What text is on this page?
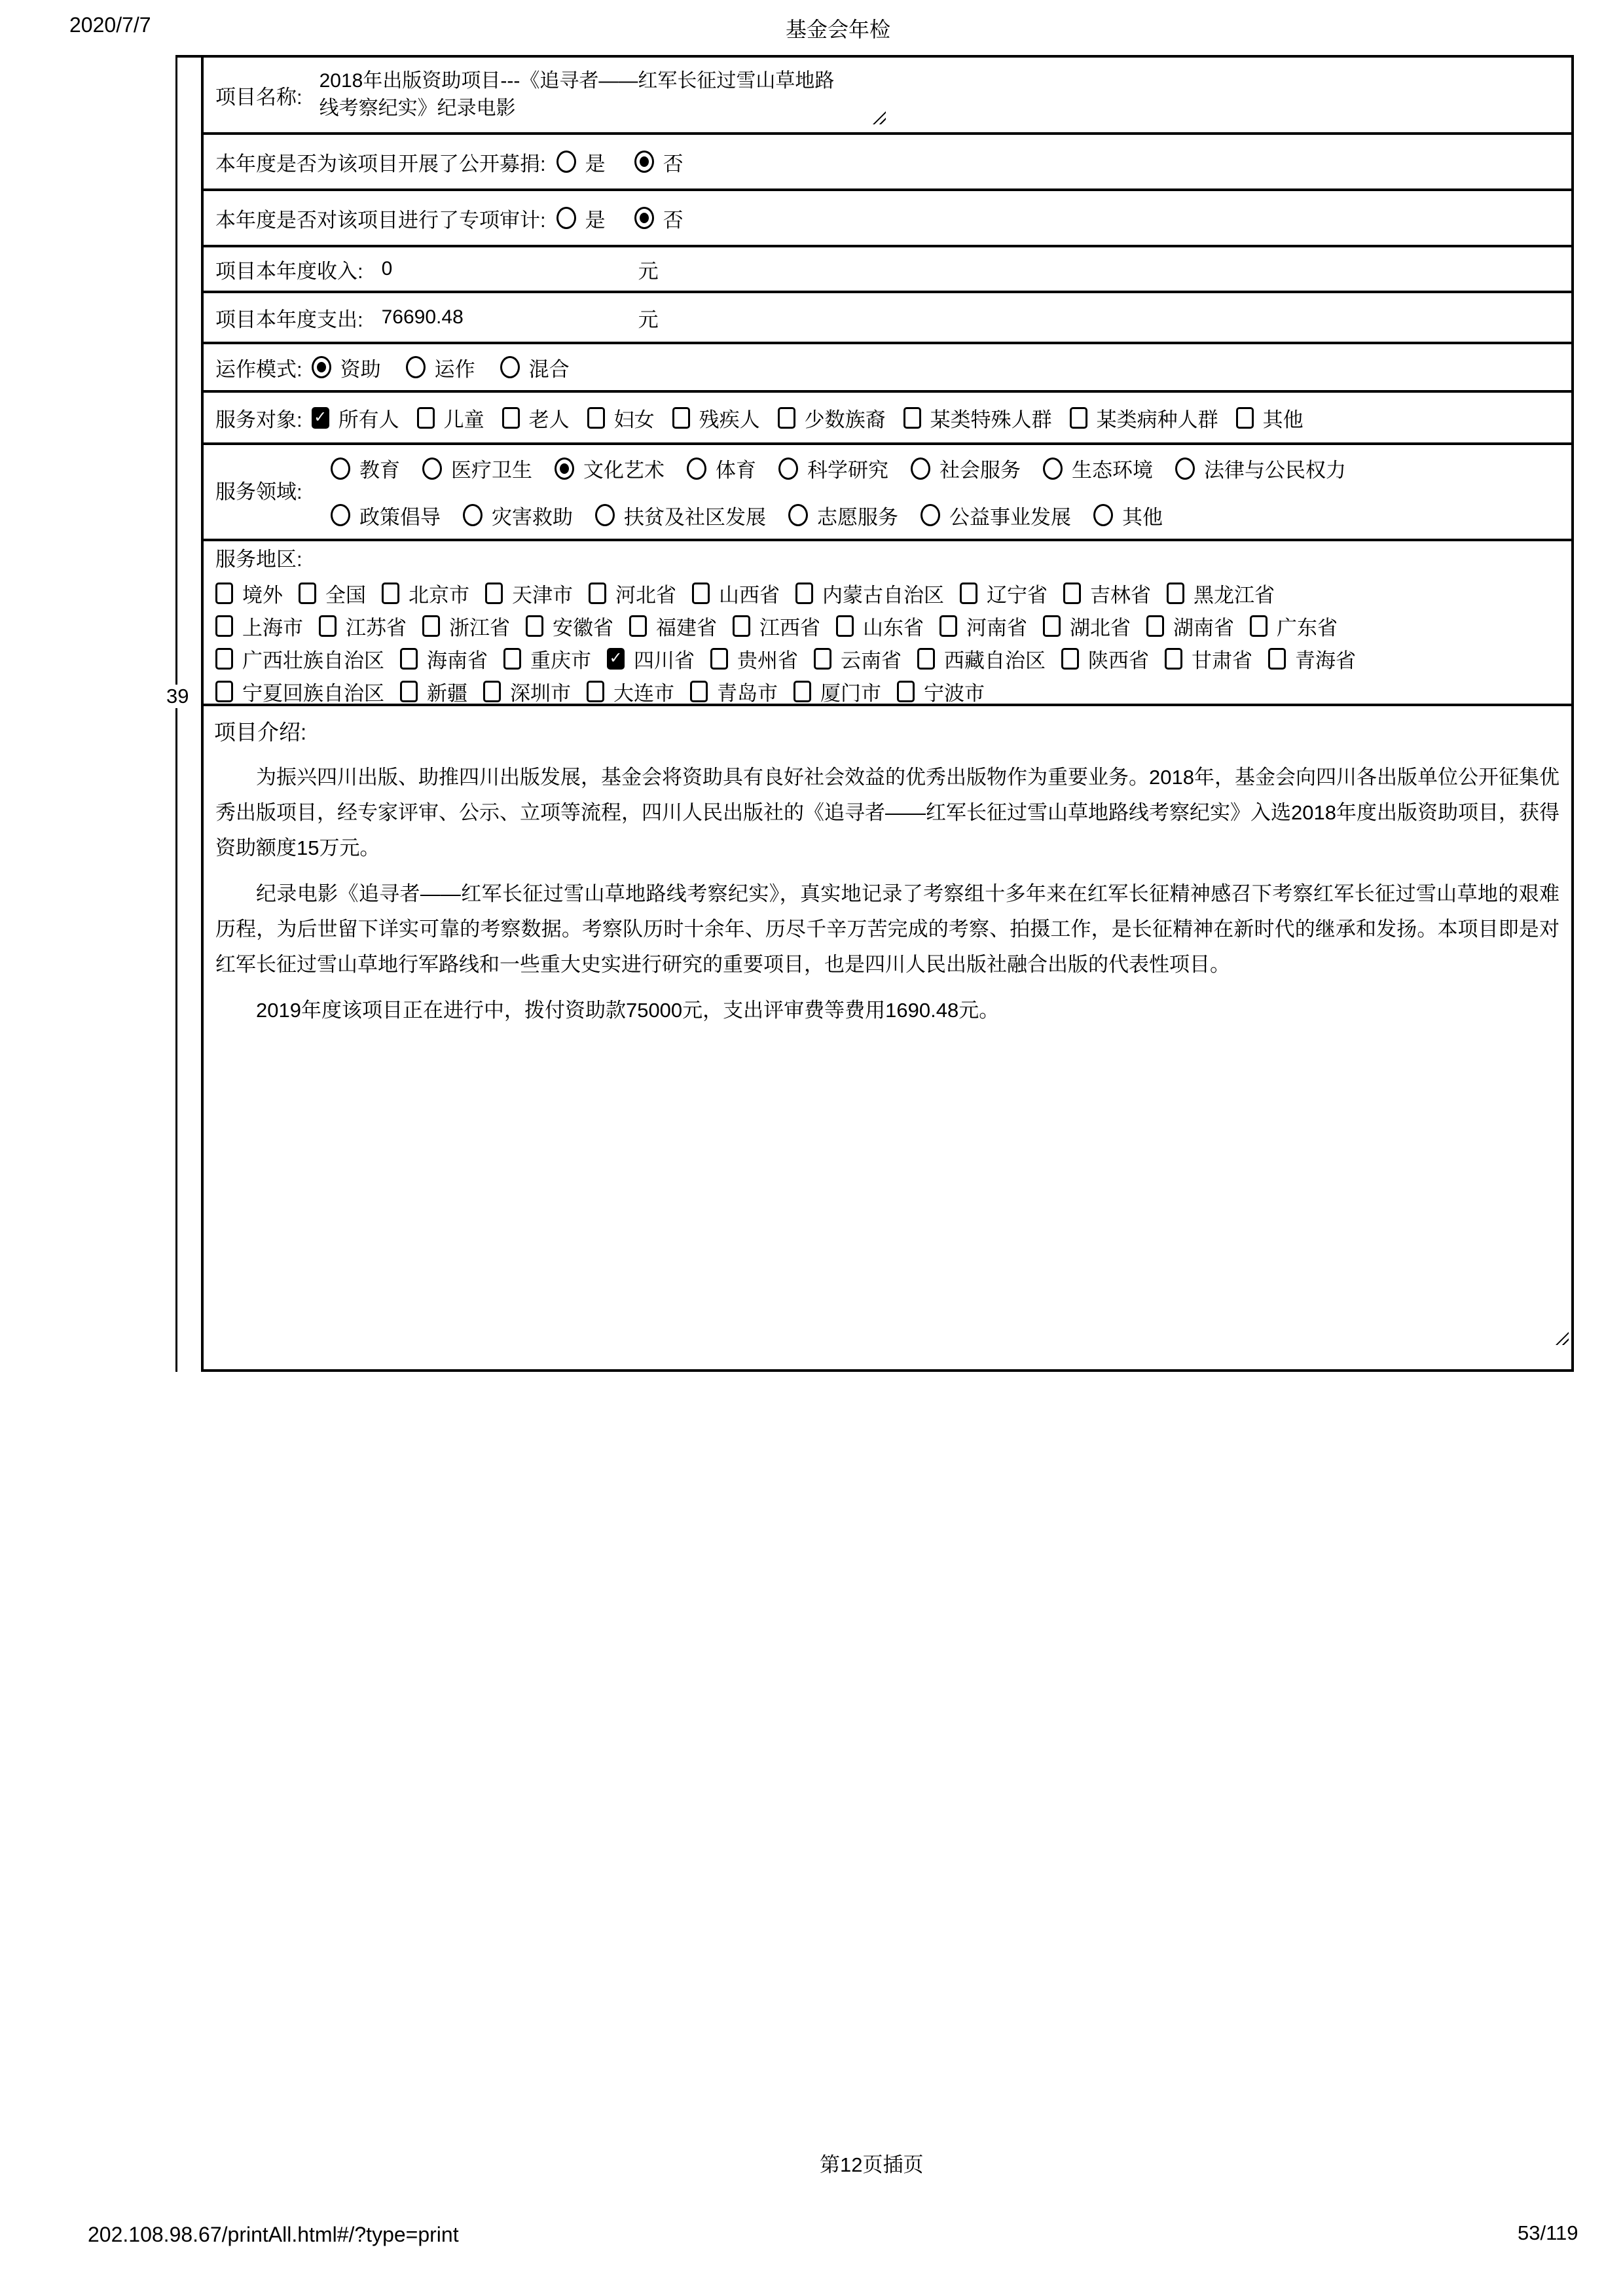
2020/7/7	基金会年检
39
项目名称:
2018年出版资助项目---《追寻者——红军长征过雪山草地路线考察纪实》纪录电影
本年度是否为该项目开展了公开募捐: 是	否
本年度是否对该项目进行了专项审计: 是	否
项目本年度收入: 0	元
项目本年度支出: 76690.48	元
运作模式: 资助	运作	混合
服务对象: ✓ 所有人 儿童 老人 妇女 残疾人 少数族裔 某类特殊人群 某类病种人群 其他
服务领域:
教育	医疗卫生	文化艺术	体育	科学研究	社会服务	生态环境	法律与公民权力
政策倡导	灾害救助	扶贫及社区发展	志愿服务	公益事业发展	其他
服务地区:
境外 全国 北京市 天津市 河北省 山西省 内蒙古自治区 辽宁省 吉林省 黑龙江省
上海市 江苏省 浙江省 安徽省 福建省 江西省 山东省 河南省 湖北省 湖南省 广东省
广西壮族自治区 海南省 重庆市 ✓ 四川省 贵州省 云南省 西藏自治区 陕西省 甘肃省 青海省
宁夏回族自治区 新疆 深圳市 大连市 青岛市 厦门市 宁波市
项目介绍:

为振兴四川出版、助推四川出版发展，基金会将资助具有良好社会效益的优秀出版物作为重要业务。2018年，基金会向四川各出版单位公开征集优秀出版项目，经专家评审、公示、立项等流程，四川人民出版社的《追寻者——红军长征过雪山草地路线考察纪实》入选2018年度出版资助项目，获得资助额度15万元。

纪录电影《追寻者——红军长征过雪山草地路线考察纪实》，真实地记录了考察组十多年来在红军长征精神感召下考察红军长征过雪山草地的艰难历程，为后世留下详实可靠的考察数据。考察队历时十余年、历尽千辛万苦完成的考察、拍摄工作，是长征精神在新时代的继承和发扬。本项目即是对红军长征过雪山草地行军路线和一些重大史实进行研究的重要项目，也是四川人民出版社融合出版的代表性项目。

2019年度该项目正在进行中，拨付资助款75000元，支出评审费等费用1690.48元。

第12页插页
202.108.98.67/printAll.html#/?type=print	53/119
